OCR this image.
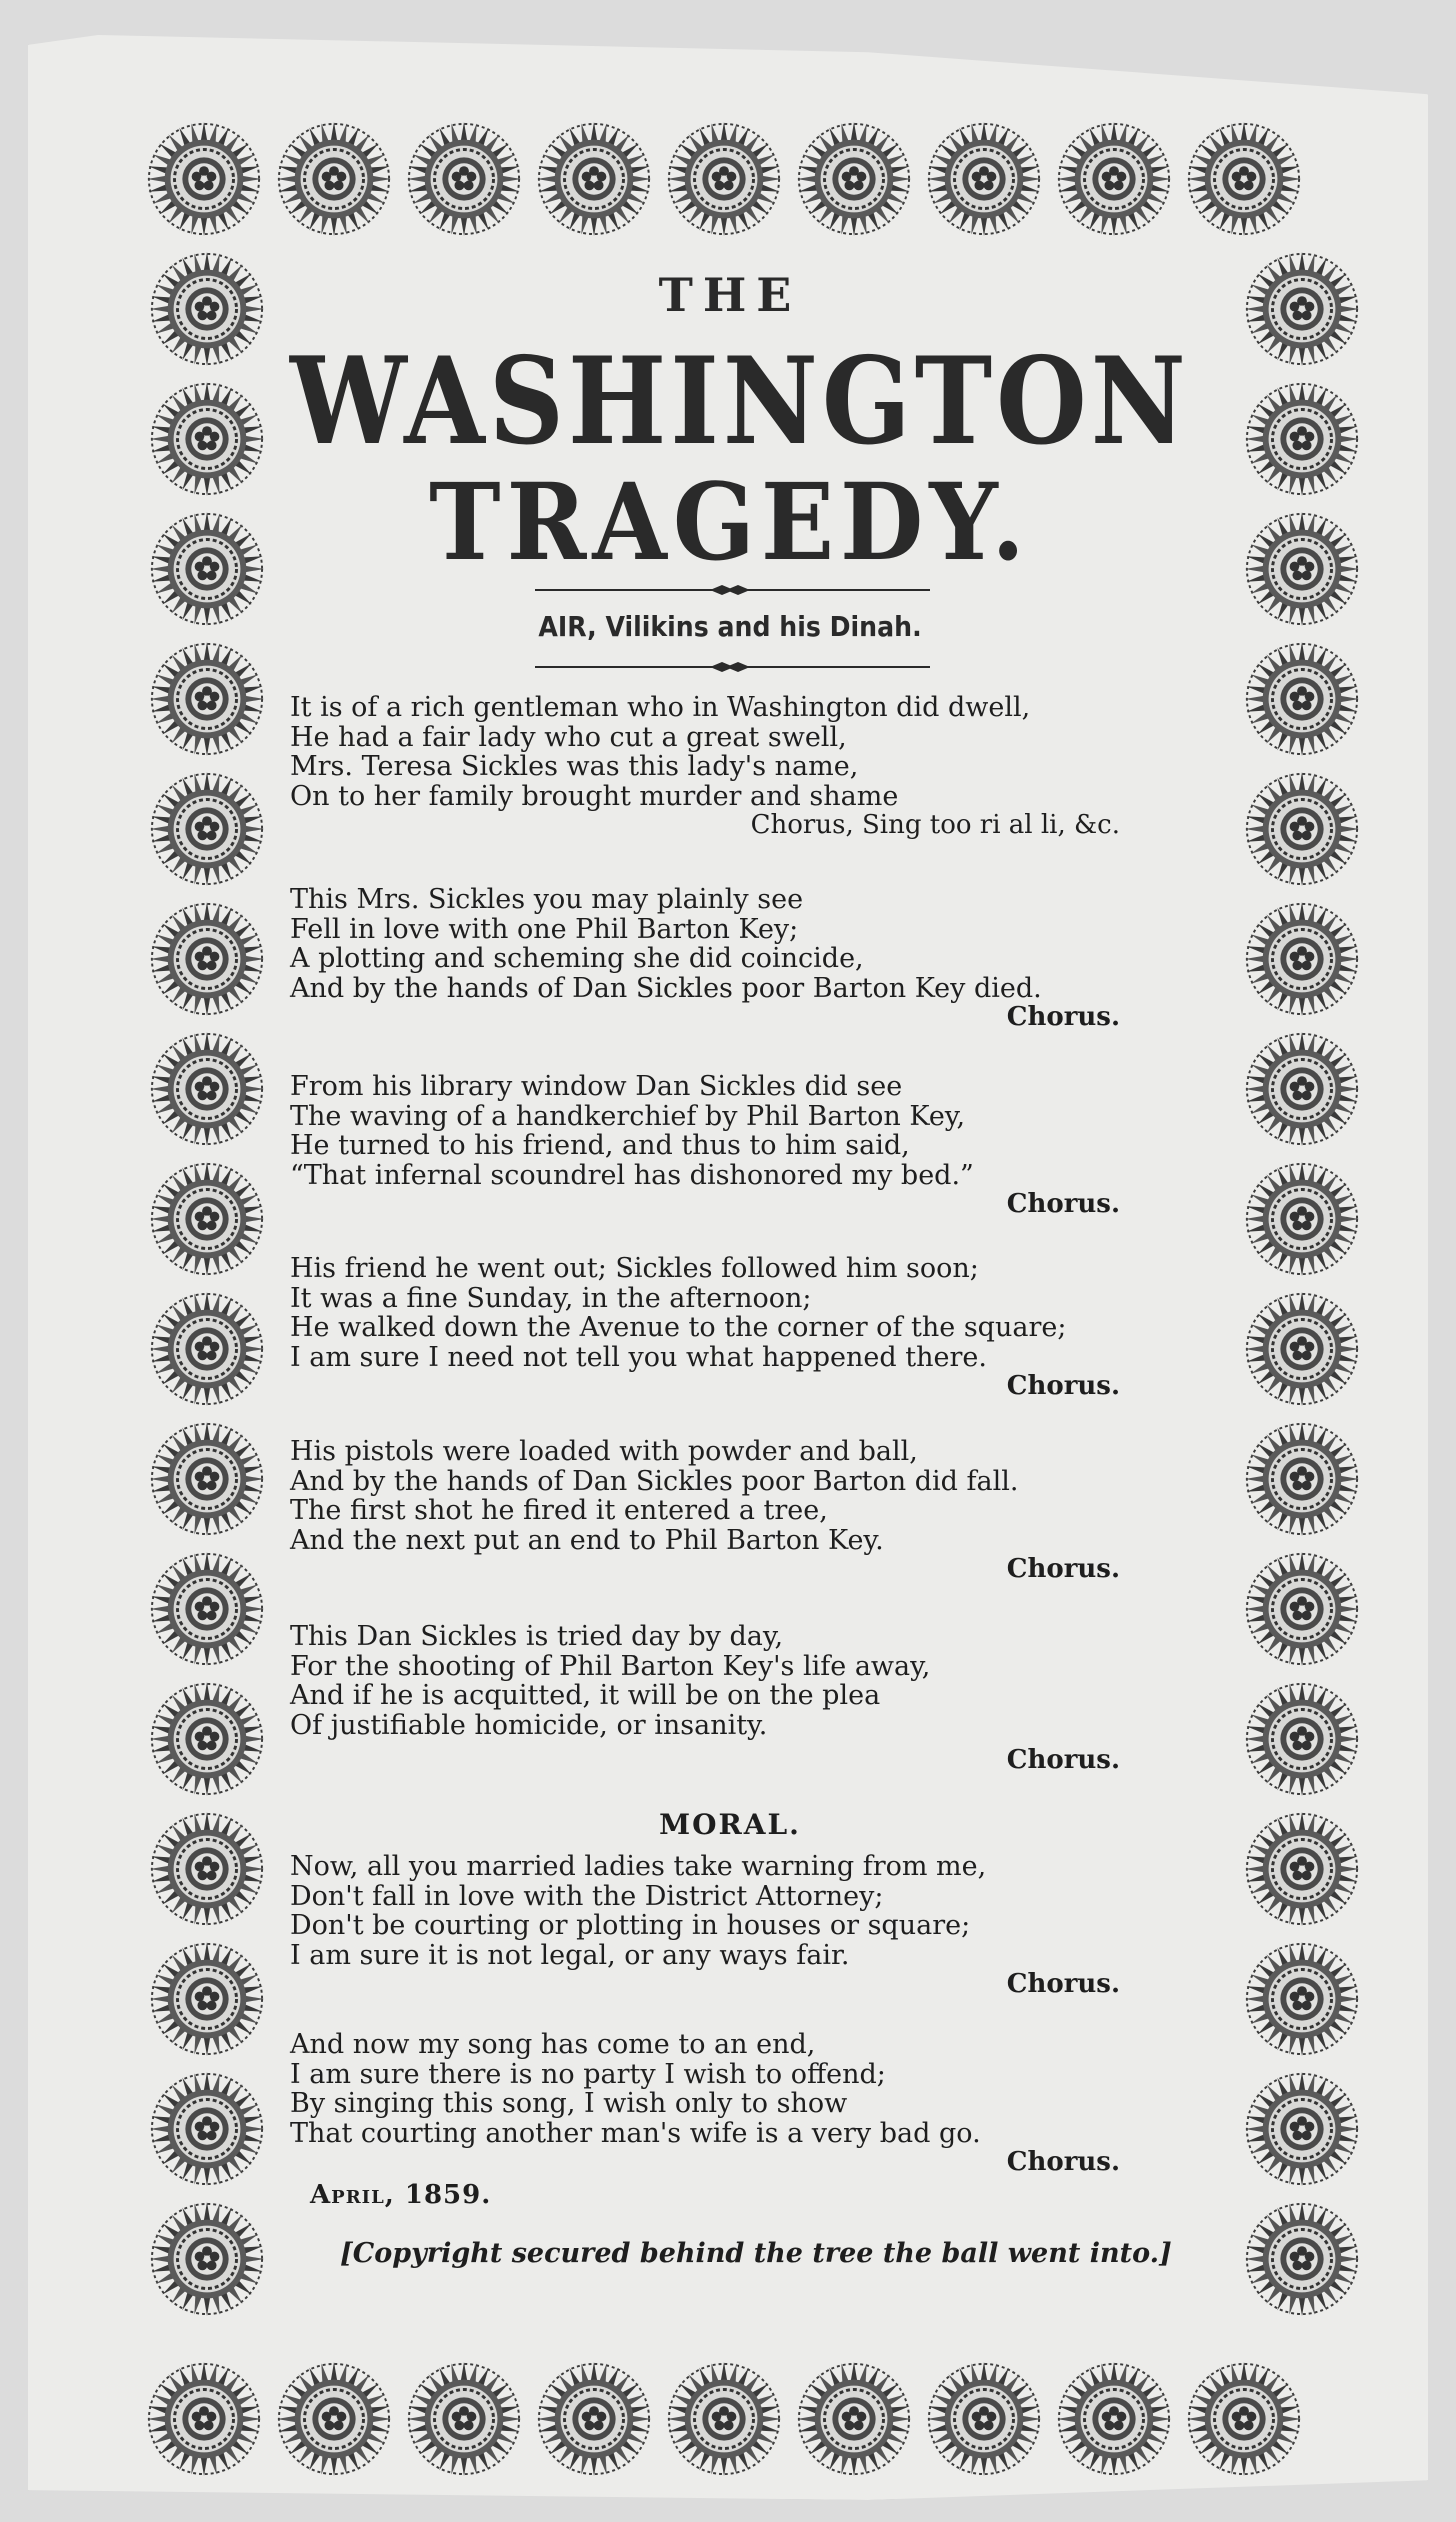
THE
WASHINGTON
TRAGEDY.
AIR, Vilikins and his Dinah.
It is of a rich gentleman who in Washington did dwell,
He had a fair lady who cut a great swell,
Mrs. Teresa Sickles was this lady's name,
On to her family brought murder and shame
Chorus, Sing too ri al li, &c.
This Mrs. Sickles you may plainly see
Fell in love with one Phil Barton Key;
A plotting and scheming she did coincide,
And by the hands of Dan Sickles poor Barton Key died.
Chorus.
From his library window Dan Sickles did see
The waving of a handkerchief by Phil Barton Key,
He turned to his friend, and thus to him said,
“That infernal scoundrel has dishonored my bed.”
Chorus.
His friend he went out; Sickles followed him soon;
It was a fine Sunday, in the afternoon;
He walked down the Avenue to the corner of the square;
I am sure I need not tell you what happened there.
Chorus.
His pistols were loaded with powder and ball,
And by the hands of Dan Sickles poor Barton did fall.
The first shot he fired it entered a tree,
And the next put an end to Phil Barton Key.
Chorus.
This Dan Sickles is tried day by day,
For the shooting of Phil Barton Key's life away,
And if he is acquitted, it will be on the plea
Of justifiable homicide, or insanity.
Chorus.
MORAL.
Now, all you married ladies take warning from me,
Don't fall in love with the District Attorney;
Don't be courting or plotting in houses or square;
I am sure it is not legal, or any ways fair.
Chorus.
And now my song has come to an end,
I am sure there is no party I wish to offend;
By singing this song, I wish only to show
That courting another man's wife is a very bad go.
Chorus.
April, 1859.
[Copyright secured behind the tree the ball went into.]
